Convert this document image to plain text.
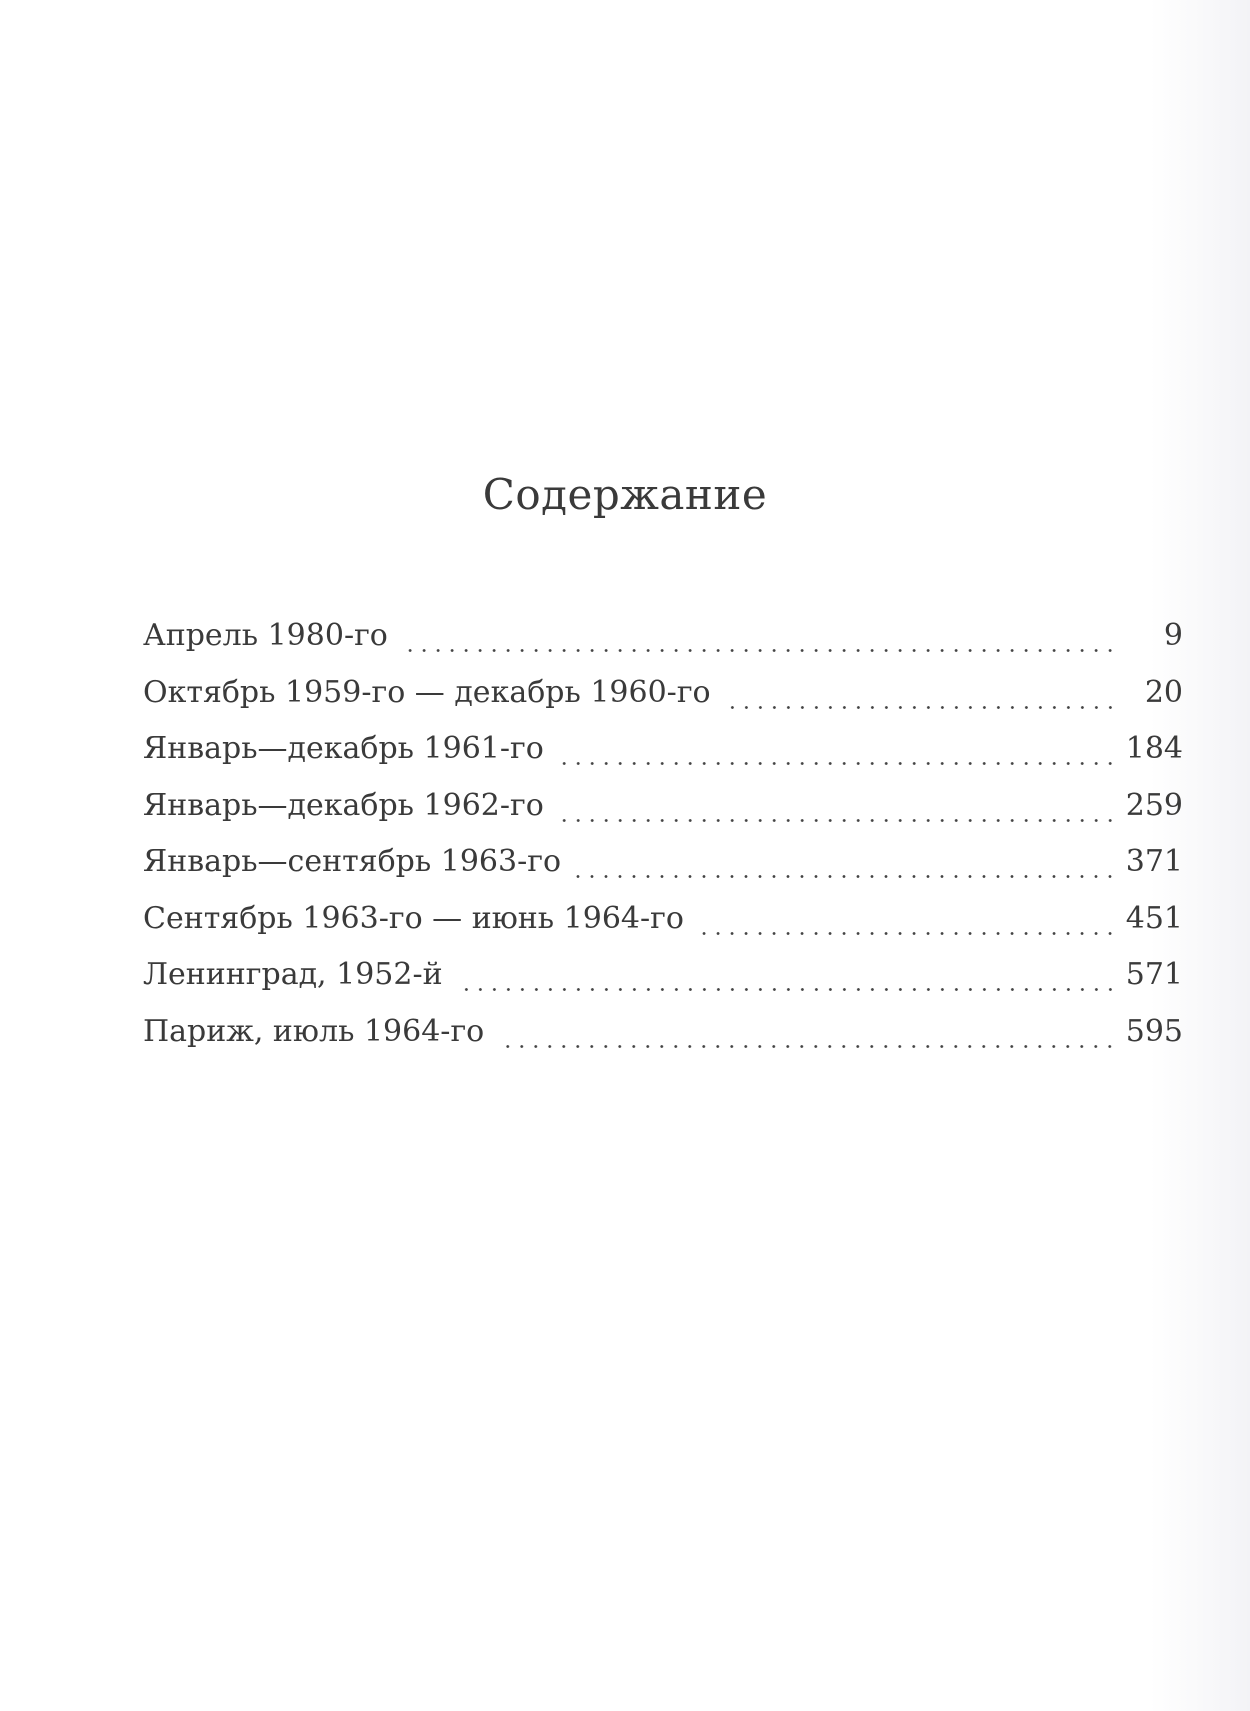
Содержание
Апрель 1980-го	9
Октябрь 1959-го — декабрь 1960-го	20
Январь—декабрь 1961-го	184
Январь—декабрь 1962-го	259
Январь—сентябрь 1963-го	371
Сентябрь 1963-го — июнь 1964-го	451
Ленинград, 1952-й	571
Париж, июль 1964-го	595
